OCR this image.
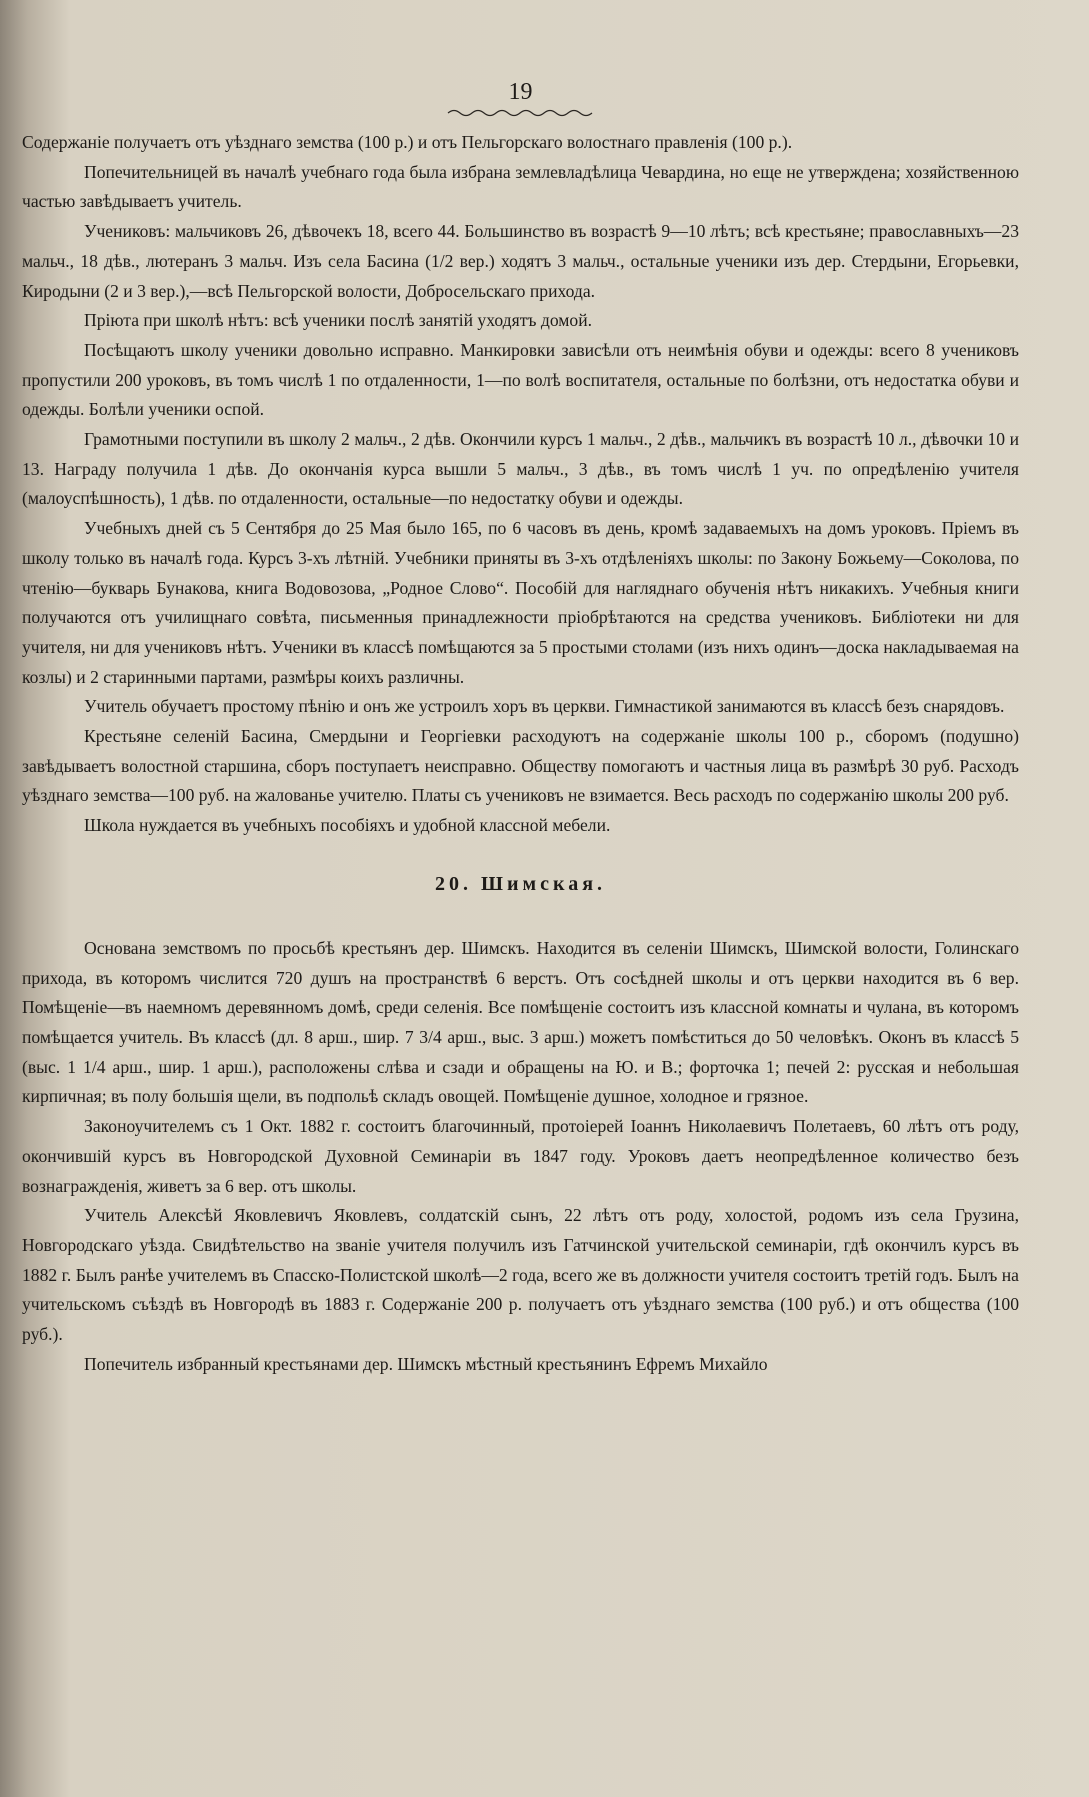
19

Содержаніе получаетъ отъ уѣзднаго земства (100 р.) и отъ Пельгорскаго волостнаго правленія (100 р.).

Попечительницей въ началѣ учебнаго года была избрана землевладѣлица Чевардина, но еще не утверждена; хозяйственною частью завѣдываетъ учитель.

Учениковъ: мальчиковъ 26, дѣвочекъ 18, всего 44. Большинство въ возрастѣ 9—10 лѣтъ; всѣ крестьяне; православныхъ—23 мальч., 18 дѣв., лютеранъ 3 мальч. Изъ села Басина (1/2 вер.) ходятъ 3 мальч., остальные ученики изъ дер. Стердыни, Егорьевки, Киродыни (2 и 3 вер.),—всѣ Пельгорской волости, Добросельскаго прихода.

Пріюта при школѣ нѣтъ: всѣ ученики послѣ занятій уходятъ домой.

Посѣщаютъ школу ученики довольно исправно. Манкировки зависѣли отъ неимѣнія обуви и одежды: всего 8 учениковъ пропустили 200 уроковъ, въ томъ числѣ 1 по отдаленности, 1—по волѣ воспитателя, остальные по болѣзни, отъ недостатка обуви и одежды. Болѣли ученики оспой.

Грамотными поступили въ школу 2 мальч., 2 дѣв. Окончили курсъ 1 мальч., 2 дѣв., мальчикъ въ возрастѣ 10 л., дѣвочки 10 и 13. Награду получила 1 дѣв. До окончанія курса вышли 5 мальч., 3 дѣв., въ томъ числѣ 1 уч. по опредѣленію учителя (малоуспѣшность), 1 дѣв. по отдаленности, остальные—по недостатку обуви и одежды.

Учебныхъ дней съ 5 Сентября до 25 Мая было 165, по 6 часовъ въ день, кромѣ задаваемыхъ на домъ уроковъ. Пріемъ въ школу только въ началѣ года. Курсъ 3-хъ лѣтній. Учебники приняты въ 3-хъ отдѣленіяхъ школы: по Закону Божьему—Соколова, по чтенію—букварь Бунакова, книга Водовозова, „Родное Слово“. Пособій для нагляднаго обученія нѣтъ никакихъ. Учебныя книги получаются отъ училищнаго совѣта, письменныя принадлежности пріобрѣтаются на средства учениковъ. Библіотеки ни для учителя, ни для учениковъ нѣтъ. Ученики въ классѣ помѣщаются за 5 простыми столами (изъ нихъ одинъ—доска накладываемая на козлы) и 2 старинными партами, размѣры коихъ различны.

Учитель обучаетъ простому пѣнію и онъ же устроилъ хоръ въ церкви. Гимнастикой занимаются въ классѣ безъ снарядовъ.

Крестьяне селеній Басина, Смердыни и Георгіевки расходуютъ на содержаніе школы 100 р., сборомъ (подушно) завѣдываетъ волостной старшина, сборъ поступаетъ неисправно. Обществу помогаютъ и частныя лица въ размѣрѣ 30 руб. Расходъ уѣзднаго земства—100 руб. на жалованье учителю. Платы съ учениковъ не взимается. Весь расходъ по содержанію школы 200 руб.

Школа нуждается въ учебныхъ пособіяхъ и удобной классной мебели.

20. Шимская.

Основана земствомъ по просьбѣ крестьянъ дер. Шимскъ. Находится въ селеніи Шимскъ, Шимской волости, Голинскаго прихода, въ которомъ числится 720 душъ на пространствѣ 6 верстъ. Отъ сосѣдней школы и отъ церкви находится въ 6 вер. Помѣщеніе—въ наемномъ деревянномъ домѣ, среди селенія. Все помѣщеніе состоитъ изъ классной комнаты и чулана, въ которомъ помѣщается учитель. Въ классѣ (дл. 8 арш., шир. 7 3/4 арш., выс. 3 арш.) можетъ помѣститься до 50 человѣкъ. Оконъ въ классѣ 5 (выс. 1 1/4 арш., шир. 1 арш.), расположены слѣва и сзади и обращены на Ю. и В.; форточка 1; печей 2: русская и небольшая кирпичная; въ полу большія щели, въ подпольѣ складъ овощей. Помѣщеніе душное, холодное и грязное.

Законоучителемъ съ 1 Окт. 1882 г. состоитъ благочинный, протоіерей Іоаннъ Николаевичъ Полетаевъ, 60 лѣтъ отъ роду, окончившій курсъ въ Новгородской Духовной Семинаріи въ 1847 году. Уроковъ даетъ неопредѣленное количество безъ вознагражденія, живетъ за 6 вер. отъ школы.

Учитель Алексѣй Яковлевичъ Яковлевъ, солдатскій сынъ, 22 лѣтъ отъ роду, холостой, родомъ изъ села Грузина, Новгородскаго уѣзда. Свидѣтельство на званіе учителя получилъ изъ Гатчинской учительской семинаріи, гдѣ окончилъ курсъ въ 1882 г. Былъ ранѣе учителемъ въ Спасско-Полистской школѣ—2 года, всего же въ должности учителя состоитъ третій годъ. Былъ на учительскомъ съѣздѣ въ Новгородѣ въ 1883 г. Содержаніе 200 р. получаетъ отъ уѣзднаго земства (100 руб.) и отъ общества (100 руб.).

Попечитель избранный крестьянами дер. Шимскъ мѣстный крестьянинъ Ефремъ Михайло
